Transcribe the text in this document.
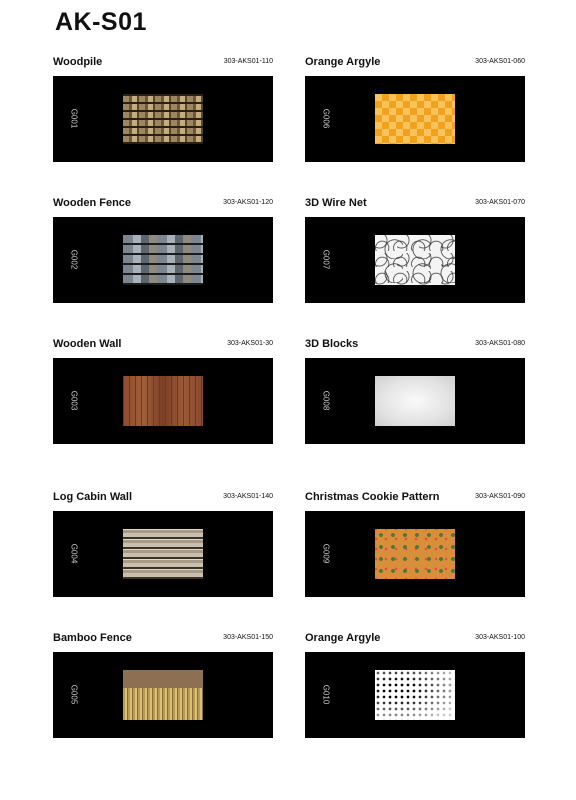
AK-S01
Woodpile	303-AKS01-110
G001
Wooden Fence	303-AKS01-120
G002
Wooden Wall	303-AKS01-30
G003
Log Cabin Wall	303-AKS01-140
G004
Bamboo Fence	303-AKS01-150
G005
Orange Argyle	303-AKS01-060
G006
3D Wire Net	303-AKS01-070
G007
3D Blocks	303-AKS01-080
G008
Christmas Cookie Pattern	303-AKS01-090
G009
Orange Argyle	303-AKS01-100
G010
